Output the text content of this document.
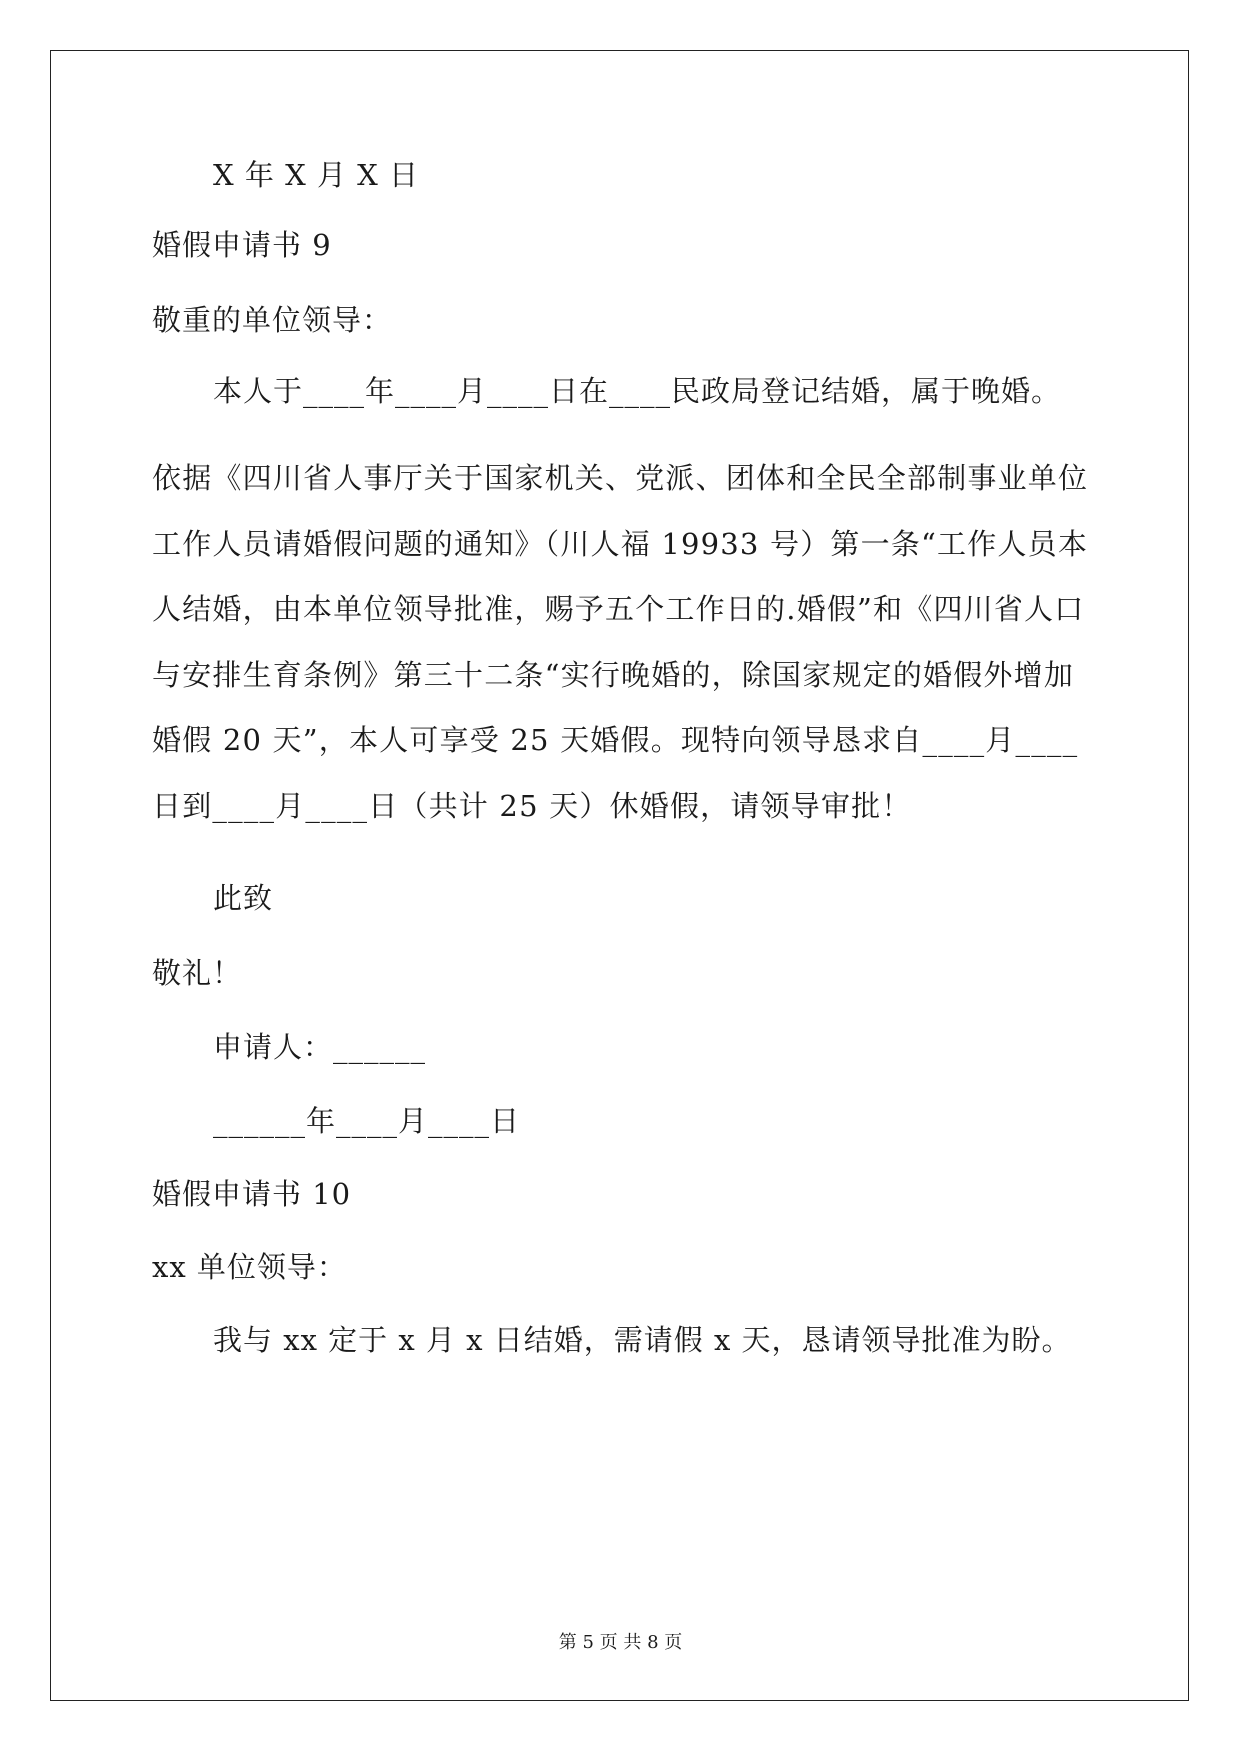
X 年 X 月 X 日
婚假申请书 9
敬重的单位领导：
本人于____年____月____日在____民政局登记结婚，属于晚婚。
依据《四川省人事厅关于国家机关、党派、团体和全民全部制事业单位工作人员请婚假问题的通知》（川人福 19933 号）第一条“工作人员本人结婚，由本单位领导批准，赐予五个工作日的.婚假”和《四川省人口与安排生育条例》第三十二条“实行晚婚的，除国家规定的婚假外增加婚假 20 天”，本人可享受 25 天婚假。现特向领导恳求自____月____日到____月____日（共计 25 天）休婚假，请领导审批！
此致
敬礼！
申请人：______
______年____月____日
婚假申请书 10
xx 单位领导：
我与 xx 定于 x 月 x 日结婚，需请假 x 天，恳请领导批准为盼。
第 5 页 共 8 页
